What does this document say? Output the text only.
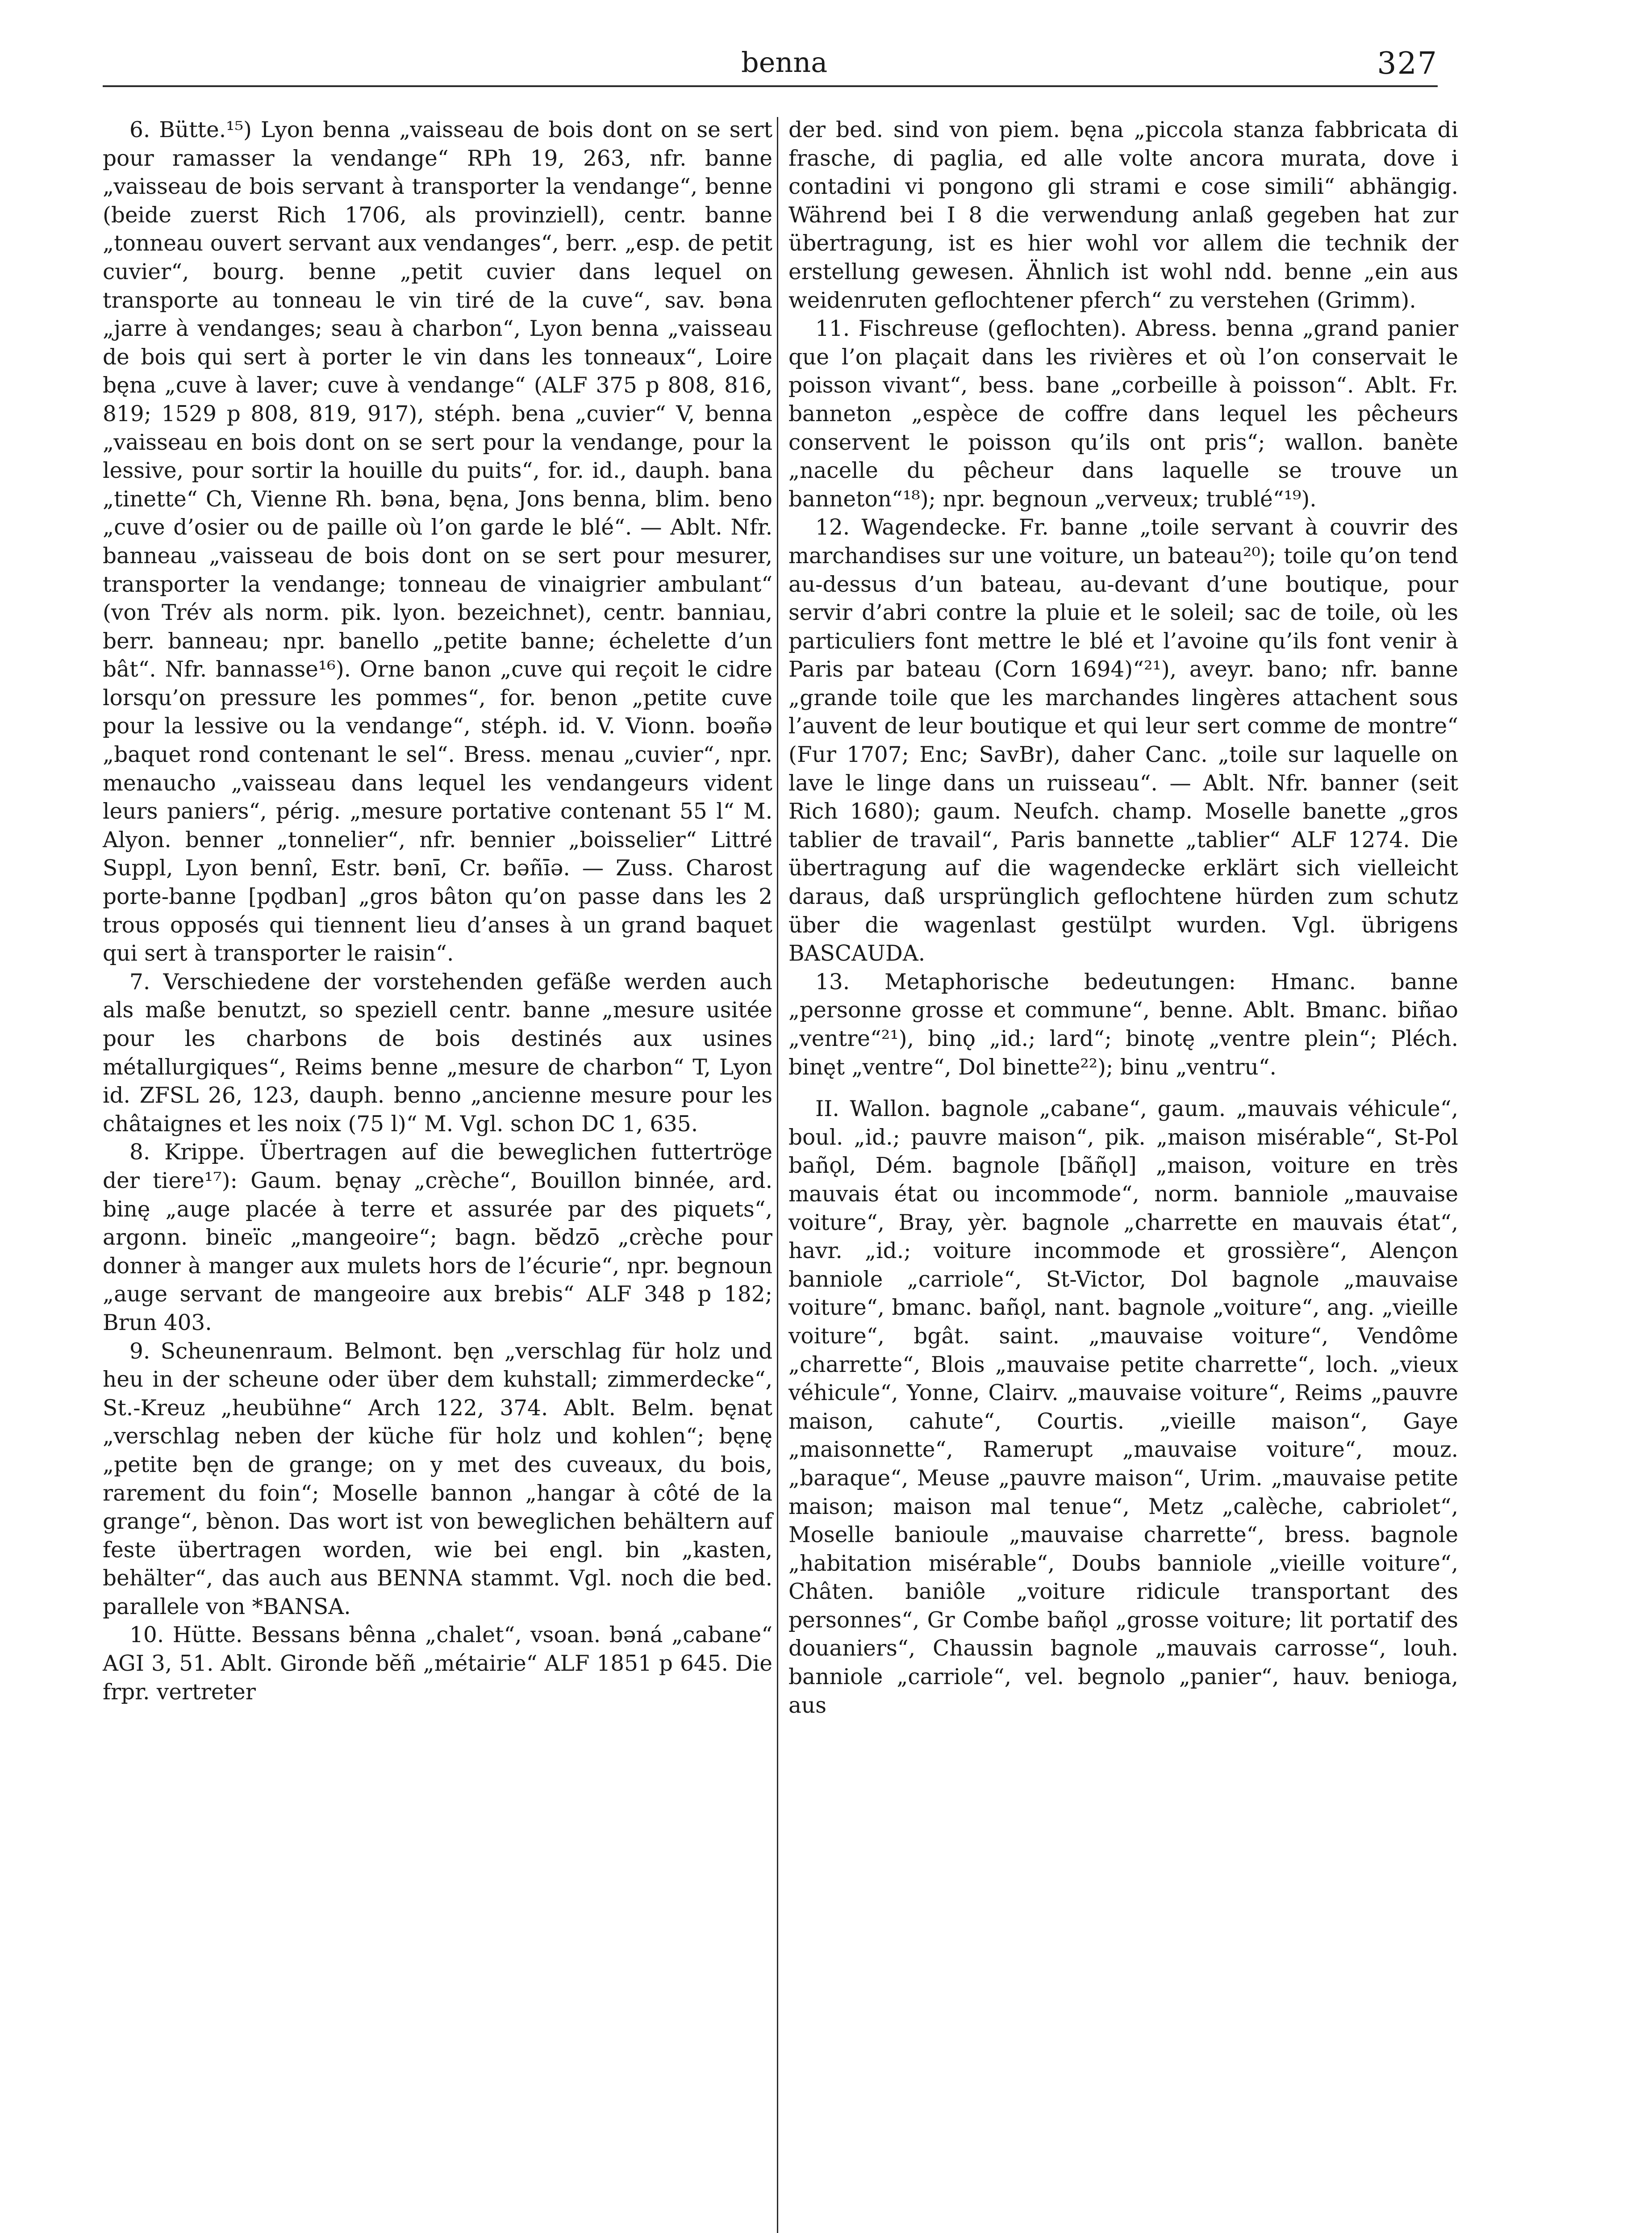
benna	327

6. Bütte.¹⁵) Lyon benna „vaisseau de bois dont on se sert pour ramasser la vendange“ RPh 19, 263, nfr. banne „vaisseau de bois servant à transporter la vendange“, benne (beide zuerst Rich 1706, als provinziell), centr. banne „tonneau ouvert servant aux vendanges“, berr. „esp. de petit cuvier“, bourg. benne „petit cuvier dans lequel on transporte au tonneau le vin tiré de la cuve“, sav. bəna „jarre à vendanges; seau à charbon“, Lyon benna „vaisseau de bois qui sert à porter le vin dans les tonneaux“, Loire bęna „cuve à laver; cuve à vendange“ (ALF 375 p 808, 816, 819; 1529 p 808, 819, 917), stéph. bena „cuvier“ V, benna „vaisseau en bois dont on se sert pour la vendange, pour la lessive, pour sortir la houille du puits“, for. id., dauph. bana „tinette“ Ch, Vienne Rh. bəna, bęna, Jons benna, blim. beno „cuve d’osier ou de paille où l’on garde le blé“. — Ablt. Nfr. banneau „vaisseau de bois dont on se sert pour mesurer, transporter la vendange; tonneau de vinaigrier ambulant“ (von Trév als norm. pik. lyon. bezeichnet), centr. banniau, berr. banneau; npr. banello „petite banne; échelette d’un bât“. Nfr. bannasse¹⁶). Orne banon „cuve qui reçoit le cidre lorsqu’on pressure les pommes“, for. benon „petite cuve pour la lessive ou la vendange“, stéph. id. V. Vionn. boəñə „baquet rond contenant le sel“. Bress. menau „cuvier“, npr. menaucho „vaisseau dans lequel les vendangeurs vident leurs paniers“, périg. „mesure portative contenant 55 l“ M. Alyon. benner „tonnelier“, nfr. bennier „boisselier“ Littré Suppl, Lyon bennî, Estr. bənī, Cr. bəñīə. — Zuss. Charost porte-banne [pǫdban] „gros bâton qu’on passe dans les 2 trous opposés qui tiennent lieu d’anses à un grand baquet qui sert à transporter le raisin“.

7. Verschiedene der vorstehenden gefäße werden auch als maße benutzt, so speziell centr. banne „mesure usitée pour les charbons de bois destinés aux usines métallurgiques“, Reims benne „mesure de charbon“ T, Lyon id. ZFSL 26, 123, dauph. benno „ancienne mesure pour les châtaignes et les noix (75 l)“ M. Vgl. schon DC 1, 635.

8. Krippe. Übertragen auf die beweglichen futtertröge der tiere¹⁷): Gaum. bęnay „crèche“, Bouillon binnée, ard. binę „auge placée à terre et assurée par des piquets“, argonn. bineïc „mangeoire“; bagn. bĕdzō „crèche pour donner à manger aux mulets hors de l’écurie“, npr. begnoun „auge servant de mangeoire aux brebis“ ALF 348 p 182; Brun 403.

9. Scheunenraum. Belmont. bęn „verschlag für holz und heu in der scheune oder über dem kuhstall; zimmerdecke“, St.-Kreuz „heubühne“ Arch 122, 374. Ablt. Belm. bęnat „verschlag neben der küche für holz und kohlen“; bęnę „petite bęn de grange; on y met des cuveaux, du bois, rarement du foin“; Moselle bannon „hangar à côté de la grange“, bènon. Das wort ist von beweglichen behältern auf feste übertragen worden, wie bei engl. bin „kasten, behälter“, das auch aus BENNA stammt. Vgl. noch die bed. parallele von *BANSA.

10. Hütte. Bessans bênna „chalet“, vsoan. bəná „cabane“ AGI 3, 51. Ablt. Gironde bĕñ „métairie“ ALF 1851 p 645. Die frpr. vertreter

der bed. sind von piem. bęna „piccola stanza fabbricata di frasche, di paglia, ed alle volte ancora murata, dove i contadini vi pongono gli strami e cose simili“ abhängig. Während bei I 8 die verwendung anlaß gegeben hat zur übertragung, ist es hier wohl vor allem die technik der erstellung gewesen. Ähnlich ist wohl ndd. benne „ein aus weidenruten geflochtener pferch“ zu verstehen (Grimm).

11. Fischreuse (geflochten). Abress. benna „grand panier que l’on plaçait dans les rivières et où l’on conservait le poisson vivant“, bess. bane „corbeille à poisson“. Ablt. Fr. banneton „espèce de coffre dans lequel les pêcheurs conservent le poisson qu’ils ont pris“; wallon. banète „nacelle du pêcheur dans laquelle se trouve un banneton“¹⁸); npr. begnoun „verveux; trublé“¹⁹).

12. Wagendecke. Fr. banne „toile servant à couvrir des marchandises sur une voiture, un bateau²⁰); toile qu’on tend au-dessus d’un bateau, au-devant d’une boutique, pour servir d’abri contre la pluie et le soleil; sac de toile, où les particuliers font mettre le blé et l’avoine qu’ils font venir à Paris par bateau (Corn 1694)“²¹), aveyr. bano; nfr. banne „grande toile que les marchandes lingères attachent sous l’auvent de leur boutique et qui leur sert comme de montre“ (Fur 1707; Enc; SavBr), daher Canc. „toile sur laquelle on lave le linge dans un ruisseau“. — Ablt. Nfr. banner (seit Rich 1680); gaum. Neufch. champ. Moselle banette „gros tablier de travail“, Paris bannette „tablier“ ALF 1274. Die übertragung auf die wagendecke erklärt sich vielleicht daraus, daß ursprünglich geflochtene hürden zum schutz über die wagenlast gestülpt wurden. Vgl. übrigens BASCAUDA.

13. Metaphorische bedeutungen: Hmanc. banne „personne grosse et commune“, benne. Ablt. Bmanc. biñao „ventre“²¹), binǫ „id.; lard“; binotę „ventre plein“; Pléch. binęt „ventre“, Dol binette²²); binu „ventru“.

II. Wallon. bagnole „cabane“, gaum. „mauvais véhicule“, boul. „id.; pauvre maison“, pik. „maison misérable“, St-Pol bañǫl, Dém. bagnole [bãñǫl] „maison, voiture en très mauvais état ou incommode“, norm. banniole „mauvaise voiture“, Bray, yèr. bagnole „charrette en mauvais état“, havr. „id.; voiture incommode et grossière“, Alençon banniole „carriole“, St-Victor, Dol bagnole „mauvaise voiture“, bmanc. bañǫl, nant. bagnole „voiture“, ang. „vieille voiture“, bgât. saint. „mauvaise voiture“, Vendôme „charrette“, Blois „mauvaise petite charrette“, loch. „vieux véhicule“, Yonne, Clairv. „mauvaise voiture“, Reims „pauvre maison, cahute“, Courtis. „vieille maison“, Gaye „maisonnette“, Ramerupt „mauvaise voiture“, mouz. „baraque“, Meuse „pauvre maison“, Urim. „mauvaise petite maison; maison mal tenue“, Metz „calèche, cabriolet“, Moselle banioule „mauvaise charrette“, bress. bagnole „habitation misérable“, Doubs banniole „vieille voiture“, Châten. baniôle „voiture ridicule transportant des personnes“, Gr Combe bañǫl „grosse voiture; lit portatif des douaniers“, Chaussin bagnole „mauvais carrosse“, louh. banniole „carriole“, vel. begnolo „panier“, hauv. benioga, aus
